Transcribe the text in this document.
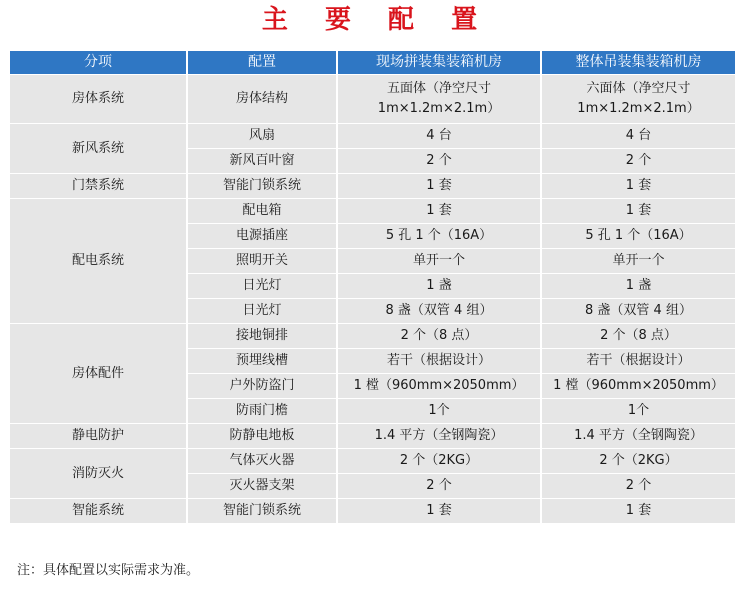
主 要 配 置
分项	配置	现场拼装集装箱机房	整体吊装集装箱机房
房体系统	房体结构	五面体（净空尺寸 1m×1.2m×2.1m）	六面体（净空尺寸 1m×1.2m×2.1m）
新风系统	风扇	4 台	4 台
	新风百叶窗	2 个	2 个
门禁系统	智能门锁系统	1 套	1 套
配电系统	配电箱	1 套	1 套
	电源插座	5 孔 1 个（16A）	5 孔 1 个（16A）
	照明开关	单开一个	单开一个
	日光灯	1 盏	1 盏
	日光灯	8 盏（双管 4 组）	8 盏（双管 4 组）
房体配件	接地铜排	2 个（8 点）	2 个（8 点）
	预埋线槽	若干（根据设计）	若干（根据设计）
	户外防盗门	1 樘（960mm×2050mm）	1 樘（960mm×2050mm）
	防雨门檐	1个	1个
静电防护	防静电地板	1.4 平方（全钢陶瓷）	1.4 平方（全钢陶瓷）
消防灭火	气体灭火器	2 个（2KG）	2 个（2KG）
	灭火器支架	2 个	2 个
智能系统	智能门锁系统	1 套	1 套
注：具体配置以实际需求为准。
